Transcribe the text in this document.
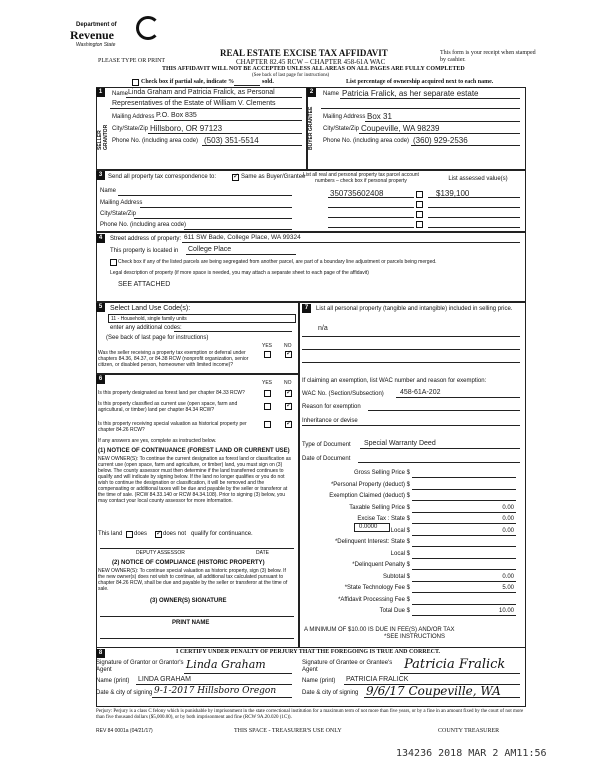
Department of
Revenue
Washington State
REAL ESTATE EXCISE TAX AFFIDAVIT
CHAPTER 82.45 RCW – CHAPTER 458-61A WAC
THIS AFFIDAVIT WILL NOT BE ACCEPTED UNLESS ALL AREAS ON ALL PAGES ARE FULLY COMPLETED
(See back of last page for instructions)
PLEASE TYPE OR PRINT
This form is your receipt when stamped by cashier.
Check box if partial sale, indicate %	sold.	List percentage of ownership acquired next to each name.
1
SELLER GRANTOR
Name Linda Graham and Patricia Fralick, as Personal
Representatives of the Estate of William V. Clements
Mailing Address P.O. Box 835
City/State/Zip Hillsboro, OR 97123
Phone No. (including area code) (503) 351-5514
2
BUYER GRANTEE
Name Patricia Fralick, as her separate estate
Mailing Address Box 31
City/State/Zip Coupeville, WA 98239
Phone No. (including area code) (360) 929-2536
3 Send all property tax correspondence to: ✓	Same as Buyer/Grantee
Name
Mailing Address
City/State/Zip
Phone No. (including area code)
List all real and personal property tax parcel account numbers – check box if personal property	List assessed value(s)
350735602408	$139,100
4	Street address of property: 611 SW Bade, College Place, WA 99324
This property is located in College Place
Check box if any of the listed parcels are being segregated from another parcel, are part of a boundary line adjustment or parcels being merged.
Legal description of property (if more space is needed, you may attach a separate sheet to each page of the affidavit)
SEE ATTACHED
5	Select Land Use Code(s):
11 - Household, single family units
enter any additional codes:
(See back of last page for instructions)
YES NO
Was the seller receiving a property tax exemption or deferral under chapters 84.36, 84.37, or 84.38 RCW (nonprofit organization, senior citizen, or disabled person, homeowner with limited income)?
✓
6
YES NO
Is this property designated as forest land per chapter 84.33 RCW?
✓
Is this property classified as current use (open space, farm and agricultural, or timber) land per chapter 84.34 RCW?
✓
Is this property receiving special valuation as historical property per chapter 84.26 RCW?
✓
If any answers are yes, complete as instructed below.
(1) NOTICE OF CONTINUANCE (FOREST LAND OR CURRENT USE)
NEW OWNER(S): To continue the current designation as forest land or classification as current use (open space, farm and agriculture, or timber) land, you must sign on (3) below. The county assessor must then determine if the land transferred continues to qualify and will indicate by signing below. If the land no longer qualifies or you do not wish to continue the designation or classification, it will be removed and the compensating or additional taxes will be due and payable by the seller or transferor at the time of sale. (RCW 84.33.140 or RCW 84.34.108). Prior to signing (3) below, you may contact your local county assessor for more information.
This land does ✓	does not qualify for continuance.
DEPUTY ASSESSOR	DATE
(2) NOTICE OF COMPLIANCE (HISTORIC PROPERTY)
NEW OWNER(S): To continue special valuation as historic property, sign (3) below. If the new owner(s) does not wish to continue, all additional tax calculated pursuant to chapter 84.26 RCW, shall be due and payable by the seller or transferor at the time of sale.
(3) OWNER(S) SIGNATURE
PRINT NAME
7	List all personal property (tangible and intangible) included in selling price.
n/a
If claiming an exemption, list WAC number and reason for exemption:
WAC No. (Section/Subsection) 458-61A-202
Reason for exemption
Inheritance or devise
Type of Document Special Warranty Deed
Date of Document
Gross Selling Price $
*Personal Property (deduct) $
Exemption Claimed (deduct) $
Taxable Selling Price $	0.00
Excise Tax : State $	0.00
Local $	0.00
*Delinquent Interest: State $
Local $
*Delinquent Penalty $
Subtotal $	0.00
*State Technology Fee $	5.00
*Affidavit Processing Fee $
Total Due $	10.00
0.0000
A MINIMUM OF $10.00 IS DUE IN FEE(S) AND/OR TAX
*SEE INSTRUCTIONS
8	I CERTIFY UNDER PENALTY OF PERJURY THAT THE FOREGOING IS TRUE AND CORRECT.
Signature of Grantor or Grantor's Agent	Linda Graham
Name (print) LINDA GRAHAM
Date & city of signing 9-1-2017 Hillsboro Oregon
Signature of Grantee or Grantee's Agent	Patricia Fralick
Name (print) PATRICIA FRALICK
Date & city of signing 9/6/17 Coupeville, WA
Perjury: Perjury is a class C felony which is punishable by imprisonment in the state correctional institution for a maximum term of not more than five years, or by a fine in an amount fixed by the court of not more than five thousand dollars ($5,000.00), or by both imprisonment and fine (RCW 9A.20.020 (1C)).
REV 84 0001a (04/21/17)	THIS SPACE - TREASURER'S USE ONLY	COUNTY TREASURER
134236 2018 MAR 2 AM11:56
